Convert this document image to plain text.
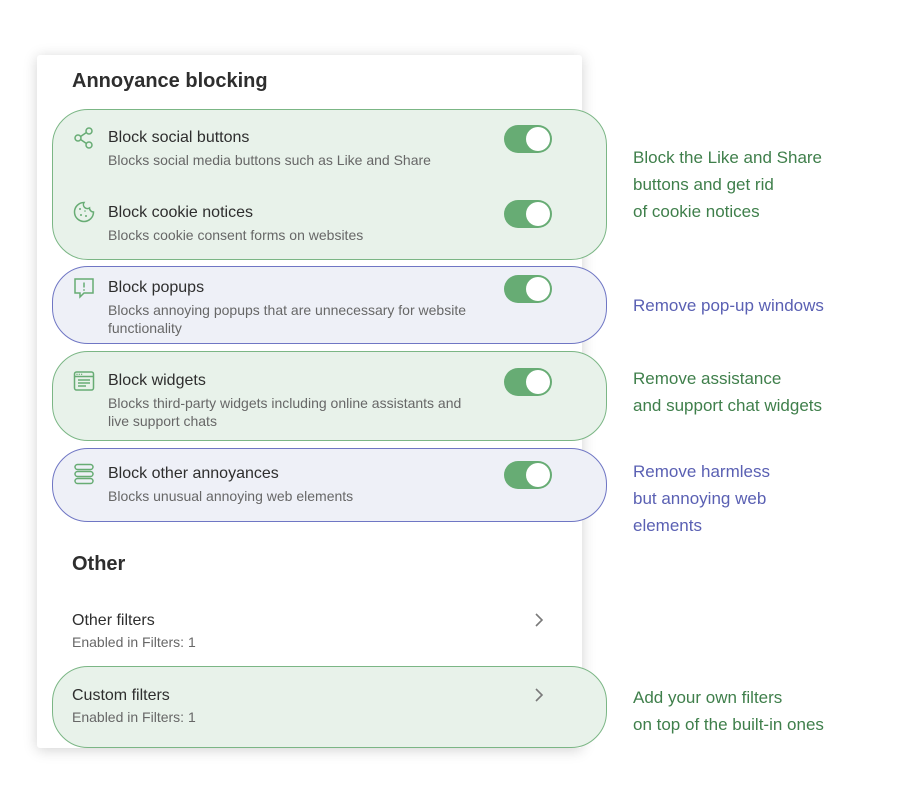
Annoyance blocking
Block social buttons
Blocks social media buttons such as Like and Share
Block cookie notices
Blocks cookie consent forms on websites
Block popups
Blocks annoying popups that are unnecessary for website functionality
Block widgets
Blocks third-party widgets including online assistants and live support chats
Block other annoyances
Blocks unusual annoying web elements
Other
Other filters
Enabled in Filters: 1
Custom filters
Enabled in Filters: 1
Block the Like and Share
buttons and get rid
of cookie notices
Remove pop-up windows
Remove assistance
and support chat widgets
Remove harmless
but annoying web
elements
Add your own filters
on top of the built-in ones
